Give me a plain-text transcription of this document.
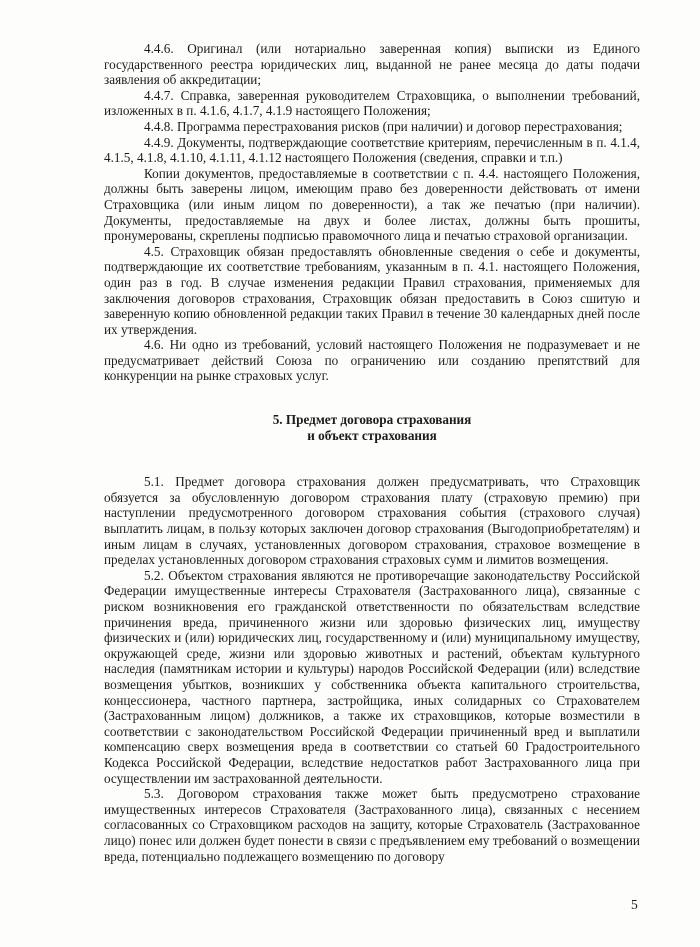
4.4.6. Оригинал (или нотариально заверенная копия) выписки из Единого государственного реестра юридических лиц, выданной не ранее месяца до даты подачи заявления об аккредитации;

4.4.7. Справка, заверенная руководителем Страховщика, о выполнении требований, изложенных в п. 4.1.6, 4.1.7, 4.1.9 настоящего Положения;

4.4.8. Программа перестрахования рисков (при наличии) и договор перестрахования;

4.4.9. Документы, подтверждающие соответствие критериям, перечисленным в п. 4.1.4, 4.1.5, 4.1.8, 4.1.10, 4.1.11, 4.1.12 настоящего Положения (сведения, справки и т.п.)

Копии документов, предоставляемые в соответствии с п. 4.4. настоящего Положения, должны быть заверены лицом, имеющим право без доверенности действовать от имени Страховщика (или иным лицом по доверенности), а так же печатью (при наличии). Документы, предоставляемые на двух и более листах, должны быть прошиты, пронумерованы, скреплены подписью правомочного лица и печатью страховой организации.

4.5. Страховщик обязан предоставлять обновленные сведения о себе и документы, подтверждающие их соответствие требованиям, указанным в п. 4.1. настоящего Положения, один раз в год. В случае изменения редакции Правил страхования, применяемых для заключения договоров страхования, Страховщик обязан предоставить в Союз сшитую и заверенную копию обновленной редакции таких Правил в течение 30 календарных дней после их утверждения.

4.6. Ни одно из требований, условий настоящего Положения не подразумевает и не предусматривает действий Союза по ограничению или созданию препятствий для конкуренции на рынке страховых услуг.

5. Предмет договора страхования
и объект страхования

5.1. Предмет договора страхования должен предусматривать, что Страховщик обязуется за обусловленную договором страхования плату (страховую премию) при наступлении предусмотренного договором страхования события (страхового случая) выплатить лицам, в пользу которых заключен договор страхования (Выгодоприобретателям) и иным лицам в случаях, установленных договором страхования, страховое возмещение в пределах установленных договором страхования страховых сумм и лимитов возмещения.

5.2. Объектом страхования являются не противоречащие законодательству Российской Федерации имущественные интересы Страхователя (Застрахованного лица), связанные с риском возникновения его гражданской ответственности по обязательствам вследствие причинения вреда, причиненного жизни или здоровью физических лиц, имуществу физических и (или) юридических лиц, государственному и (или) муниципальному имуществу, окружающей среде, жизни или здоровью животных и растений, объектам культурного наследия (памятникам истории и культуры) народов Российской Федерации (или) вследствие возмещения убытков, возникших у собственника объекта капитального строительства, концессионера, частного партнера, застройщика, иных солидарных со Страхователем (Застрахованным лицом) должников, а также их страховщиков, которые возместили в соответствии с законодательством Российской Федерации причиненный вред и выплатили компенсацию сверх возмещения вреда в соответствии со статьей 60 Градостроительного Кодекса Российской Федерации, вследствие недостатков работ Застрахованного лица при осуществлении им застрахованной деятельности.

5.3. Договором страхования также может быть предусмотрено страхование имущественных интересов Страхователя (Застрахованного лица), связанных с несением согласованных со Страховщиком расходов на защиту, которые Страхователь (Застрахованное лицо) понес или должен будет понести в связи с предъявлением ему требований о возмещении вреда, потенциально подлежащего возмещению по договору

5
